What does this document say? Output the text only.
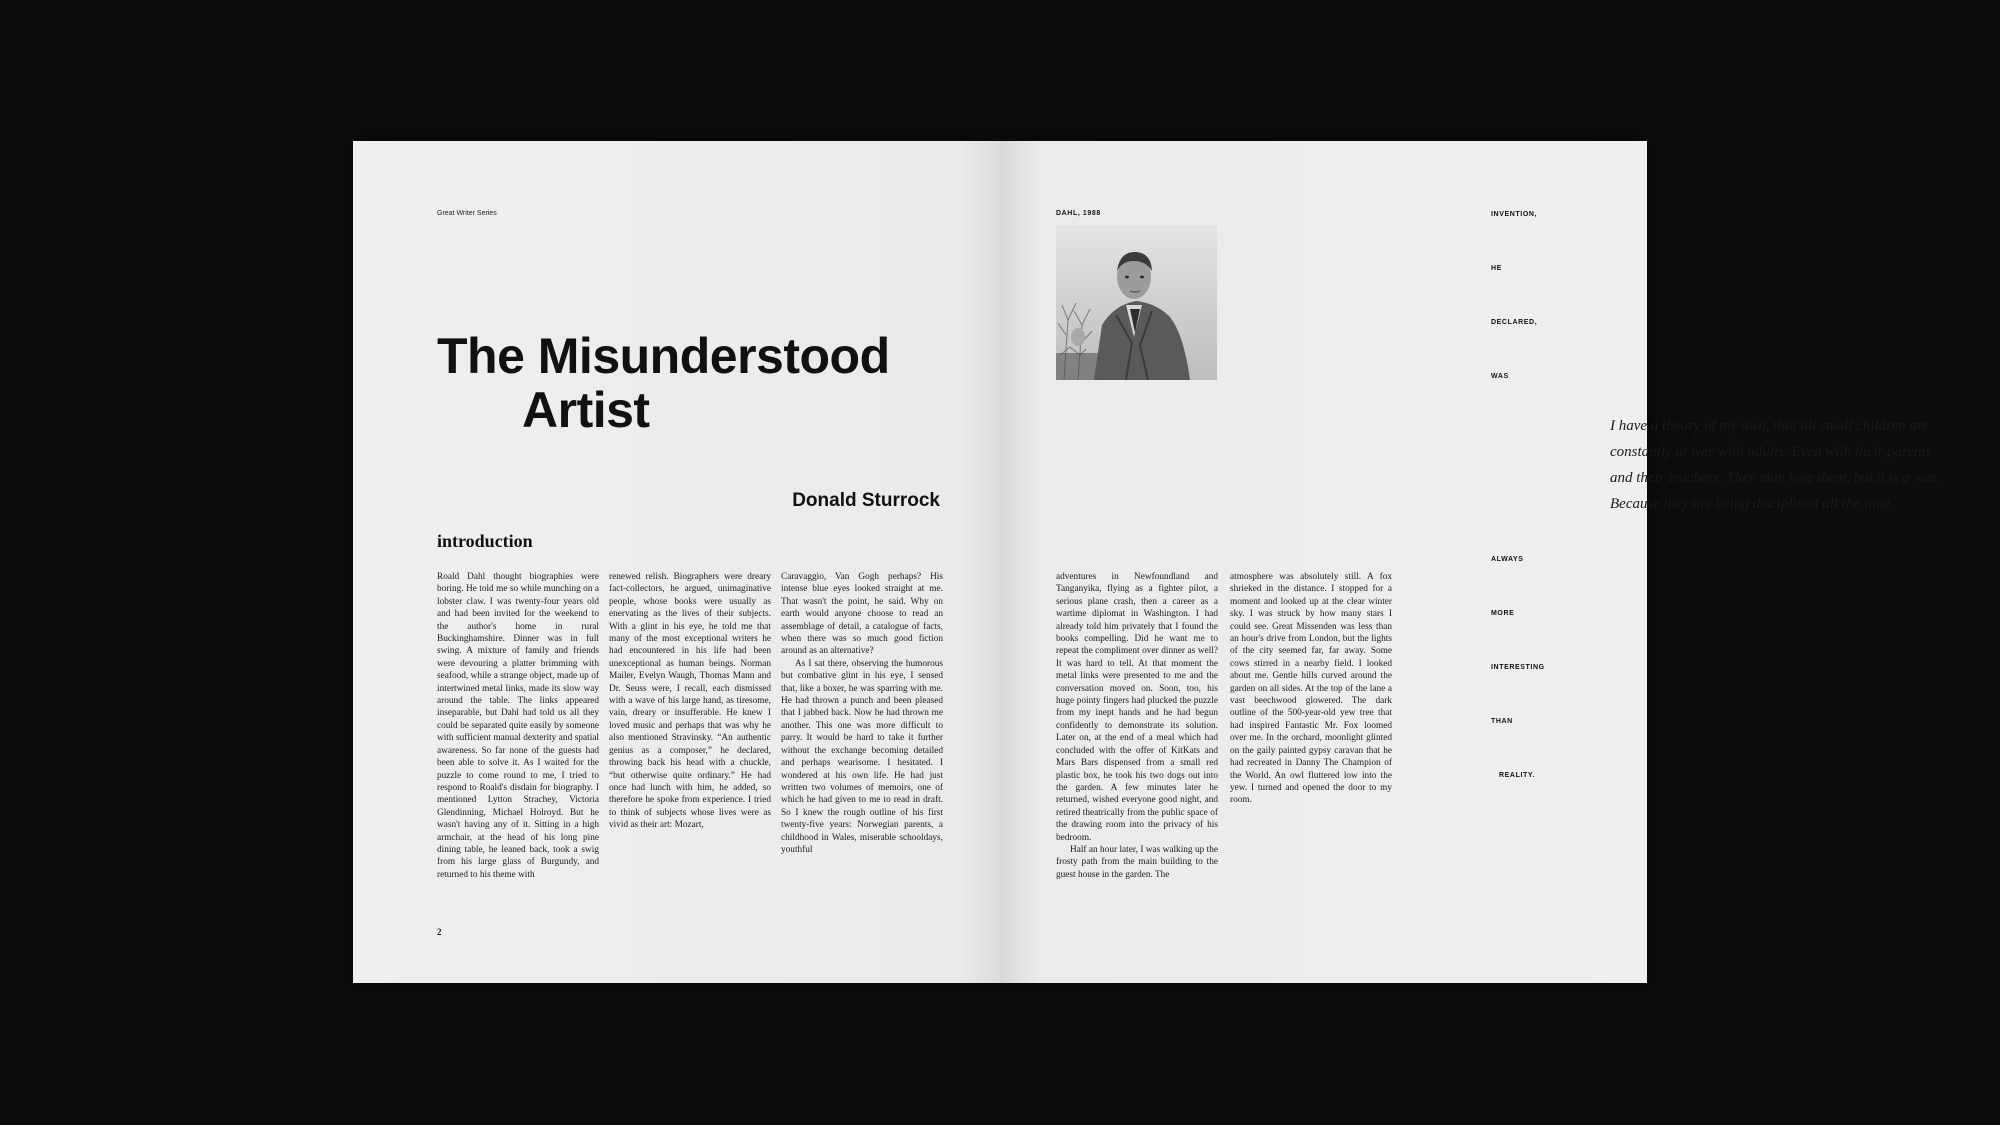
Great Writer Series
The Misunderstood
Artist
Donald Sturrock
introduction

Roald Dahl thought biographies were boring. He told me so while munching on a lobster claw. I was twenty-four years old and had been invited for the weekend to the author's home in rural Buckinghamshire. Dinner was in full swing. A mixture of family and friends were devouring a platter brimming with seafood, while a strange object, made up of intertwined metal links, made its slow way around the table. The links appeared inseparable, but Dahl had told us all they could be separated quite easily by someone with sufficient manual dexterity and spatial awareness. So far none of the guests had been able to solve it. As I waited for the puzzle to come round to me, I tried to respond to Roald's disdain for biography. I mentioned Lytton Strachey, Victoria Glendinning, Michael Holroyd. But he wasn't having any of it. Sitting in a high armchair, at the head of his long pine dining table, he leaned back, took a swig from his large glass of Burgundy, and returned to his theme with

renewed relish. Biographers were dreary fact-collectors, he argued, unimaginative people, whose books were usually as enervating as the lives of their subjects. With a glint in his eye, he told me that many of the most exceptional writers he had encountered in his life had been unexceptional as human beings. Norman Mailer, Evelyn Waugh, Thomas Mann and Dr. Seuss were, I recall, each dismissed with a wave of his large hand, as tiresome, vain, dreary or insufferable. He knew I loved music and perhaps that was why he also mentioned Stravinsky. “An authentic genius as a composer,” he declared, throwing back his head with a chuckle, “but otherwise quite ordinary.” He had once had lunch with him, he added, so therefore he spoke from experience. I tried to think of subjects whose lives were as vivid as their art: Mozart,

Caravaggio, Van Gogh perhaps? His intense blue eyes looked straight at me. That wasn't the point, he said. Why on earth would anyone choose to read an assemblage of detail, a catalogue of facts, when there was so much good fiction around as an alternative?

As I sat there, observing the humorous but combative glint in his eye, I sensed that, like a boxer, he was sparring with me. He had thrown a punch and been pleased that I jabbed back. Now he had thrown me another. This one was more difficult to parry. It would be hard to take it further without the exchange becoming detailed and perhaps wearisome. I hesitated. I wondered at his own life. He had just written two volumes of memoirs, one of which he had given to me to read in draft. So I knew the rough outline of his first twenty-five years: Norwegian parents, a childhood in Wales, miserable schooldays, youthful

2
DAHL, 1988

I have a theory of my own, that all small children are constantly at war with adults. Even with their parents and their teachers. They may love them, but it is a war. Because they are being disciplined all the time.

INVENTION,
HE
DECLARED,
WAS
ALWAYS
MORE
INTERESTING
THAN
REALITY.

adventures in Newfoundland and Tanganyika, flying as a fighter pilot, a serious plane crash, then a career as a wartime diplomat in Washington. I had already told him privately that I found the books compelling. Did he want me to repeat the compliment over dinner as well? It was hard to tell. At that moment the metal links were presented to me and the conversation moved on. Soon, too, his huge pointy fingers had plucked the puzzle from my inept hands and he had begun confidently to demonstrate its solution. Later on, at the end of a meal which had concluded with the offer of KitKats and Mars Bars dispensed from a small red plastic box, he took his two dogs out into the garden. A few minutes later he returned, wished everyone good night, and retired theatrically from the public space of the drawing room into the privacy of his bedroom.

Half an hour later, I was walking up the frosty path from the main building to the guest house in the garden. The

atmosphere was absolutely still. A fox shrieked in the distance. I stopped for a moment and looked up at the clear winter sky. I was struck by how many stars I could see. Great Missenden was less than an hour's drive from London, but the lights of the city seemed far, far away. Some cows stirred in a nearby field. I looked about me. Gentle hills curved around the garden on all sides. At the top of the lane a vast beechwood glowered. The dark outline of the 500-year-old yew tree that had inspired Fantastic Mr. Fox loomed over me. In the orchard, moonlight glinted on the gaily painted gypsy caravan that he had recreated in Danny The Champion of the World. An owl fluttered low into the yew. I turned and opened the door to my room.
